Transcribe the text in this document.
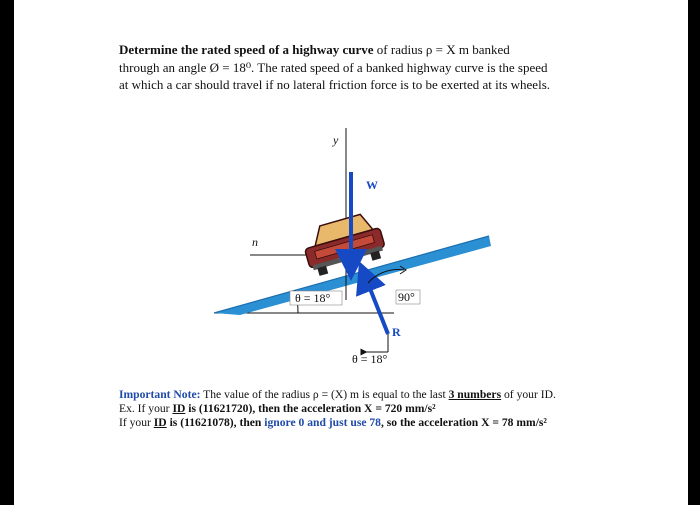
Determine the rated speed of a highway curve of radius ρ = X m banked
through an angle Ø = 18⁰. The rated speed of a banked highway curve is the speed
at which a car should travel if no lateral friction force is to be exerted at its wheels.
y
n
W
R
θ = 18°
θ = 18°	90°
Important Note: The value of the radius ρ = (X) m is equal to the last 3 numbers of your ID.
Ex. If your ID is (11621720), then the acceleration X = 720 mm/s²
If your ID is (11621078), then ignore 0 and just use 78, so the acceleration X = 78 mm/s²
